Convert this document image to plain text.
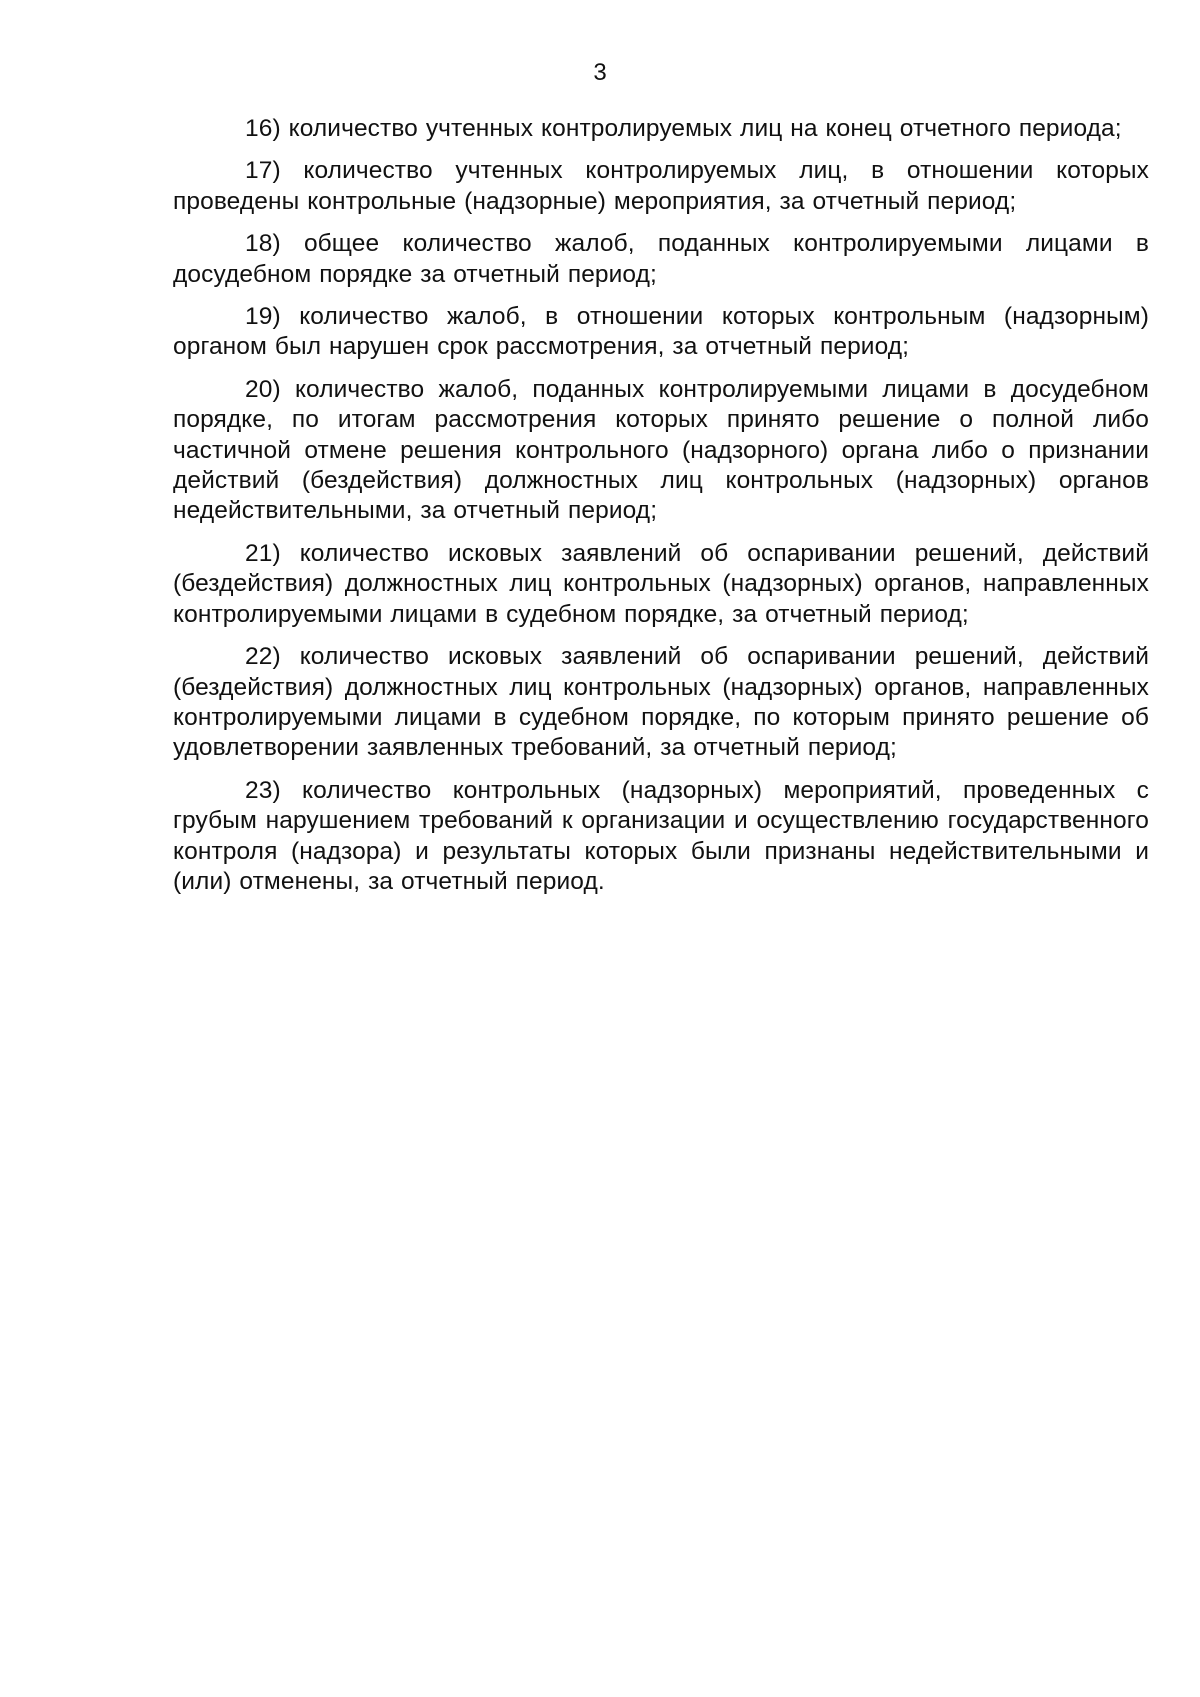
3

16) количество учтенных контролируемых лиц на конец отчетного периода;

17) количество учтенных контролируемых лиц, в отношении которых проведены контрольные (надзорные) мероприятия, за отчетный период;

18) общее количество жалоб, поданных контролируемыми лицами в досудебном порядке за отчетный период;

19) количество жалоб, в отношении которых контрольным (надзорным) органом был нарушен срок рассмотрения, за отчетный период;

20) количество жалоб, поданных контролируемыми лицами в досудебном порядке, по итогам рассмотрения которых принято решение о полной либо частичной отмене решения контрольного (надзорного) органа либо о признании действий (бездействия) должностных лиц контрольных (надзорных) органов недействительными, за отчетный период;

21) количество исковых заявлений об оспаривании решений, действий (бездействия) должностных лиц контрольных (надзорных) органов, направленных контролируемыми лицами в судебном порядке, за отчетный период;

22) количество исковых заявлений об оспаривании решений, действий (бездействия) должностных лиц контрольных (надзорных) органов, направленных контролируемыми лицами в судебном порядке, по которым принято решение об удовлетворении заявленных требований, за отчетный период;

23) количество контрольных (надзорных) мероприятий, проведенных с грубым нарушением требований к организации и осуществлению государственного контроля (надзора) и результаты которых были признаны недействительными и (или) отменены, за отчетный период.
